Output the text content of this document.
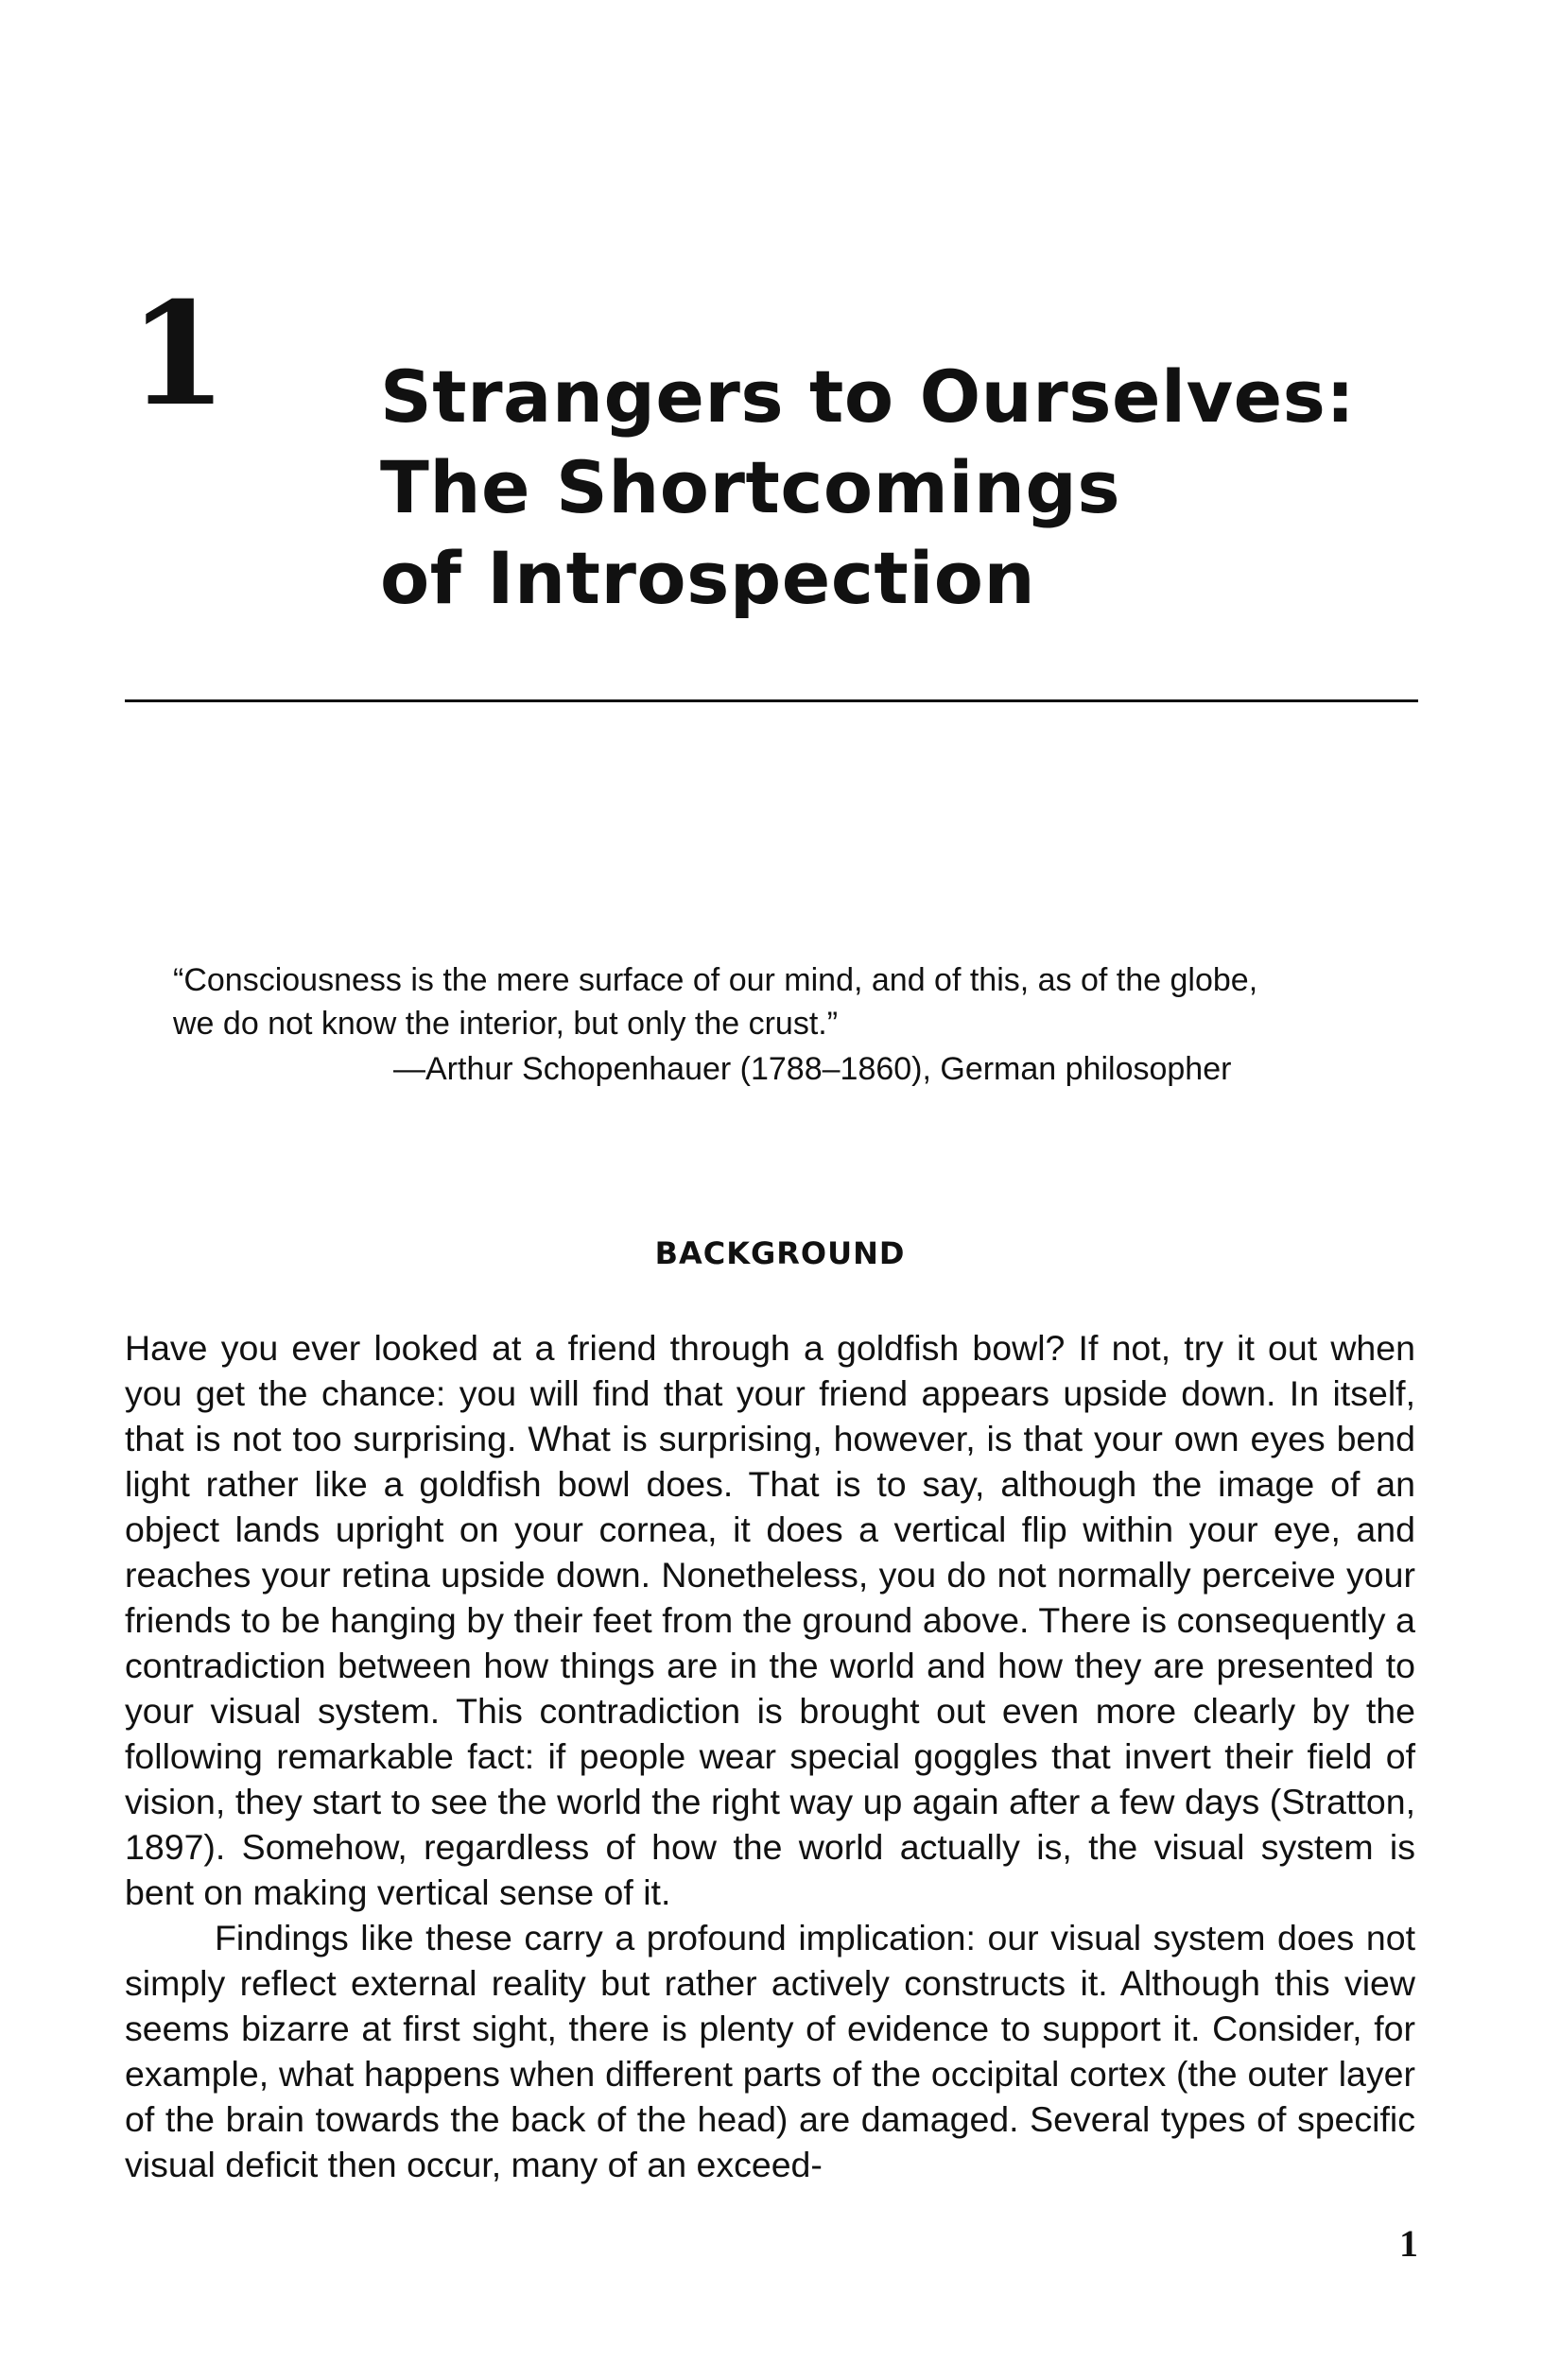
1 Strangers to Ourselves:
The Shortcomings
of Introspection
“Consciousness is the mere surface of our mind, and of this, as of the globe,
we do not know the interior, but only the crust.”
—Arthur Schopenhauer (1788–1860), German philosopher
BACKGROUND

Have you ever looked at a friend through a goldfish bowl? If not, try it out when you get the chance: you will find that your friend appears upside down. In itself, that is not too surprising. What is surprising, however, is that your own eyes bend light rather like a goldfish bowl does. That is to say, although the image of an object lands upright on your cornea, it does a vertical flip within your eye, and reaches your retina upside down. Nonetheless, you do not normally perceive your friends to be hanging by their feet from the ground above. There is consequently a contradiction between how things are in the world and how they are presented to your visual system. This contradiction is brought out even more clearly by the following remarkable fact: if people wear special goggles that invert their field of vision, they start to see the world the right way up again after a few days (Stratton, 1897). Somehow, regardless of how the world actually is, the visual system is bent on making vertical sense of it.

Findings like these carry a profound implication: our visual system does not simply reflect external reality but rather actively constructs it. Although this view seems bizarre at first sight, there is plenty of evidence to support it. Consider, for example, what happens when different parts of the occipital cortex (the outer layer of the brain towards the back of the head) are damaged. Several types of specific visual deficit then occur, many of an exceed-

1
